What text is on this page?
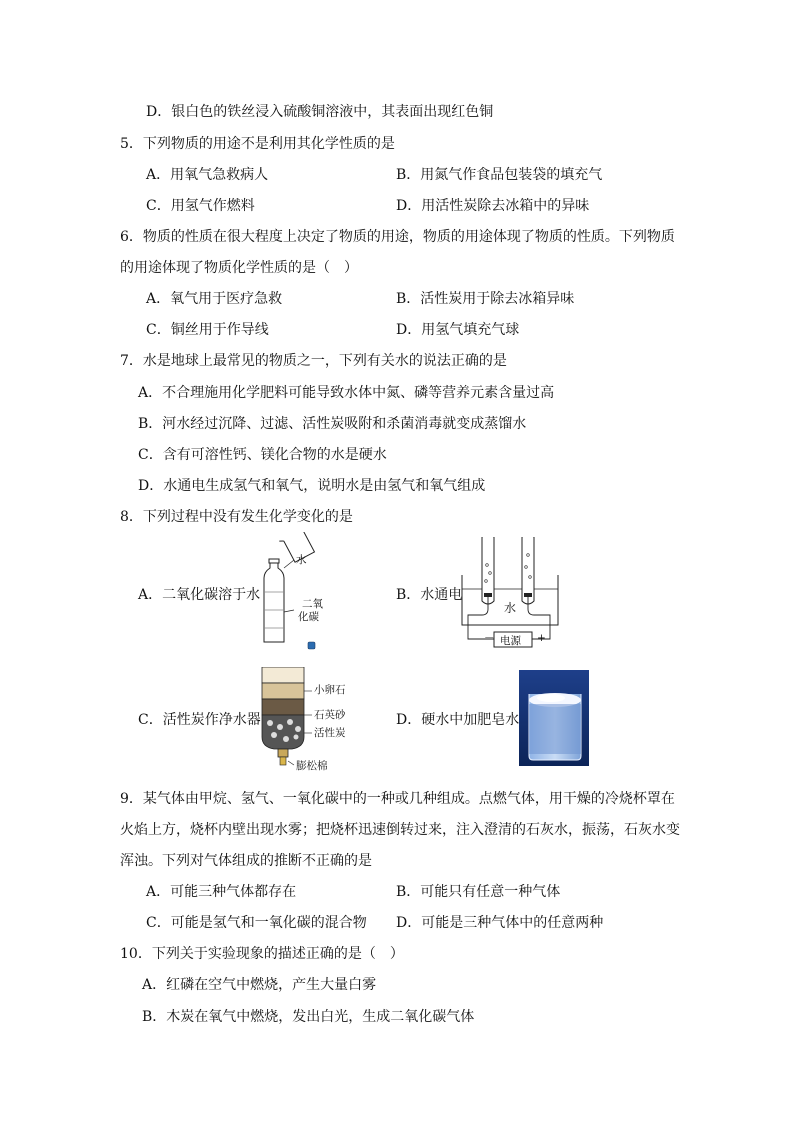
D．银白色的铁丝浸入硫酸铜溶液中，其表面出现红色铜
5．下列物质的用途不是利用其化学性质的是
A．用氧气急救病人	B．用氮气作食品包装袋的填充气
C．用氢气作燃料	D．用活性炭除去冰箱中的异味
6．物质的性质在很大程度上决定了物质的用途，物质的用途体现了物质的性质。下列物质
的用途体现了物质化学性质的是（　）
A．氧气用于医疗急救	B．活性炭用于除去冰箱异味
C．铜丝用于作导线	D．用氢气填充气球
7．水是地球上最常见的物质之一，下列有关水的说法正确的是
A．不合理施用化学肥料可能导致水体中氮、磷等营养元素含量过高
B．河水经过沉降、过滤、活性炭吸附和杀菌消毒就变成蒸馏水
C．含有可溶性钙、镁化合物的水是硬水
D．水通电生成氢气和氧气，说明水是由氢气和氧气组成
8．下列过程中没有发生化学变化的是
A．二氧化碳溶于水
水
二氧
化碳
B．水通电
水
电源
－	+
C．活性炭作净水器
小卵石
石英砂
活性炭
膨松棉
D．硬水中加肥皂水
9．某气体由甲烷、氢气、一氧化碳中的一种或几种组成。点燃气体，用干燥的冷烧杯罩在
火焰上方，烧杯内壁出现水雾；把烧杯迅速倒转过来，注入澄清的石灰水，振荡，石灰水变
浑浊。下列对气体组成的推断不正确的是
A．可能三种气体都存在	B．可能只有任意一种气体
C．可能是氢气和一氧化碳的混合物 D．可能是三种气体中的任意两种
10．下列关于实验现象的描述正确的是（　）
A．红磷在空气中燃烧，产生大量白雾
B．木炭在氧气中燃烧，发出白光，生成二氧化碳气体
